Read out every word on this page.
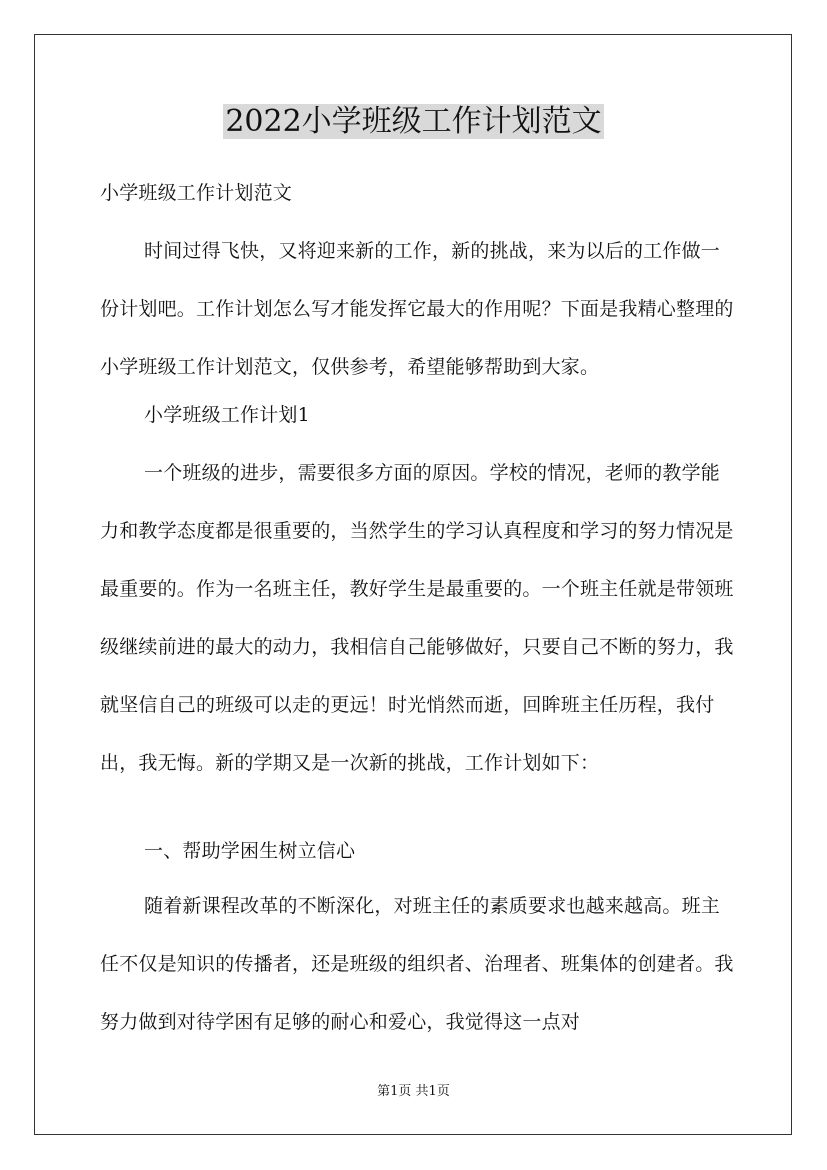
2022小学班级工作计划范文

小学班级工作计划范文

时间过得飞快，又将迎来新的工作，新的挑战，来为以后的工作做一份计划吧。工作计划怎么写才能发挥它最大的作用呢？下面是我精心整理的小学班级工作计划范文，仅供参考，希望能够帮助到大家。

小学班级工作计划1

一个班级的进步，需要很多方面的原因。学校的情况，老师的教学能力和教学态度都是很重要的，当然学生的学习认真程度和学习的努力情况是最重要的。作为一名班主任，教好学生是最重要的。一个班主任就是带领班级继续前进的最大的动力，我相信自己能够做好，只要自己不断的努力，我就坚信自己的班级可以走的更远！时光悄然而逝，回眸班主任历程，我付出，我无悔。新的学期又是一次新的挑战，工作计划如下：

一、帮助学困生树立信心

随着新课程改革的不断深化，对班主任的素质要求也越来越高。班主任不仅是知识的传播者，还是班级的组织者、治理者、班集体的创建者。我努力做到对待学困有足够的耐心和爱心，我觉得这一点对

第1页 共1页
